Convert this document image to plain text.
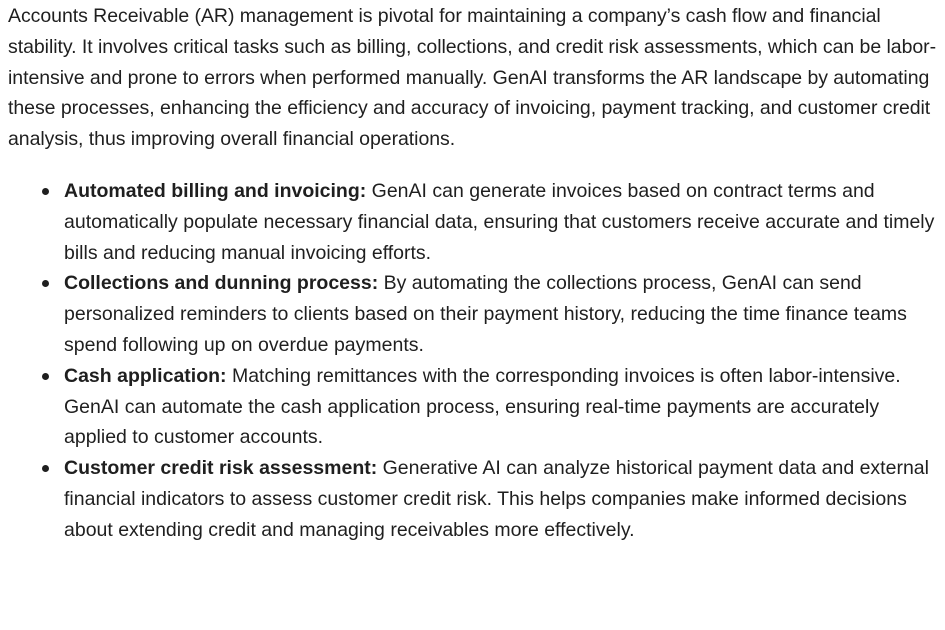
Accounts Receivable (AR) management is pivotal for maintaining a company’s cash flow and financial stability. It involves critical tasks such as billing, collections, and credit risk assessments, which can be labor-intensive and prone to errors when performed manually. GenAI transforms the AR landscape by automating these processes, enhancing the efficiency and accuracy of invoicing, payment tracking, and customer credit analysis, thus improving overall financial operations.

Automated billing and invoicing: GenAI can generate invoices based on contract terms and automatically populate necessary financial data, ensuring that customers receive accurate and timely bills and reducing manual invoicing efforts.
Collections and dunning process: By automating the collections process, GenAI can send personalized reminders to clients based on their payment history, reducing the time finance teams spend following up on overdue payments.
Cash application: Matching remittances with the corresponding invoices is often labor-intensive. GenAI can automate the cash application process, ensuring real-time payments are accurately applied to customer accounts.
Customer credit risk assessment: Generative AI can analyze historical payment data and external financial indicators to assess customer credit risk. This helps companies make informed decisions about extending credit and managing receivables more effectively.
